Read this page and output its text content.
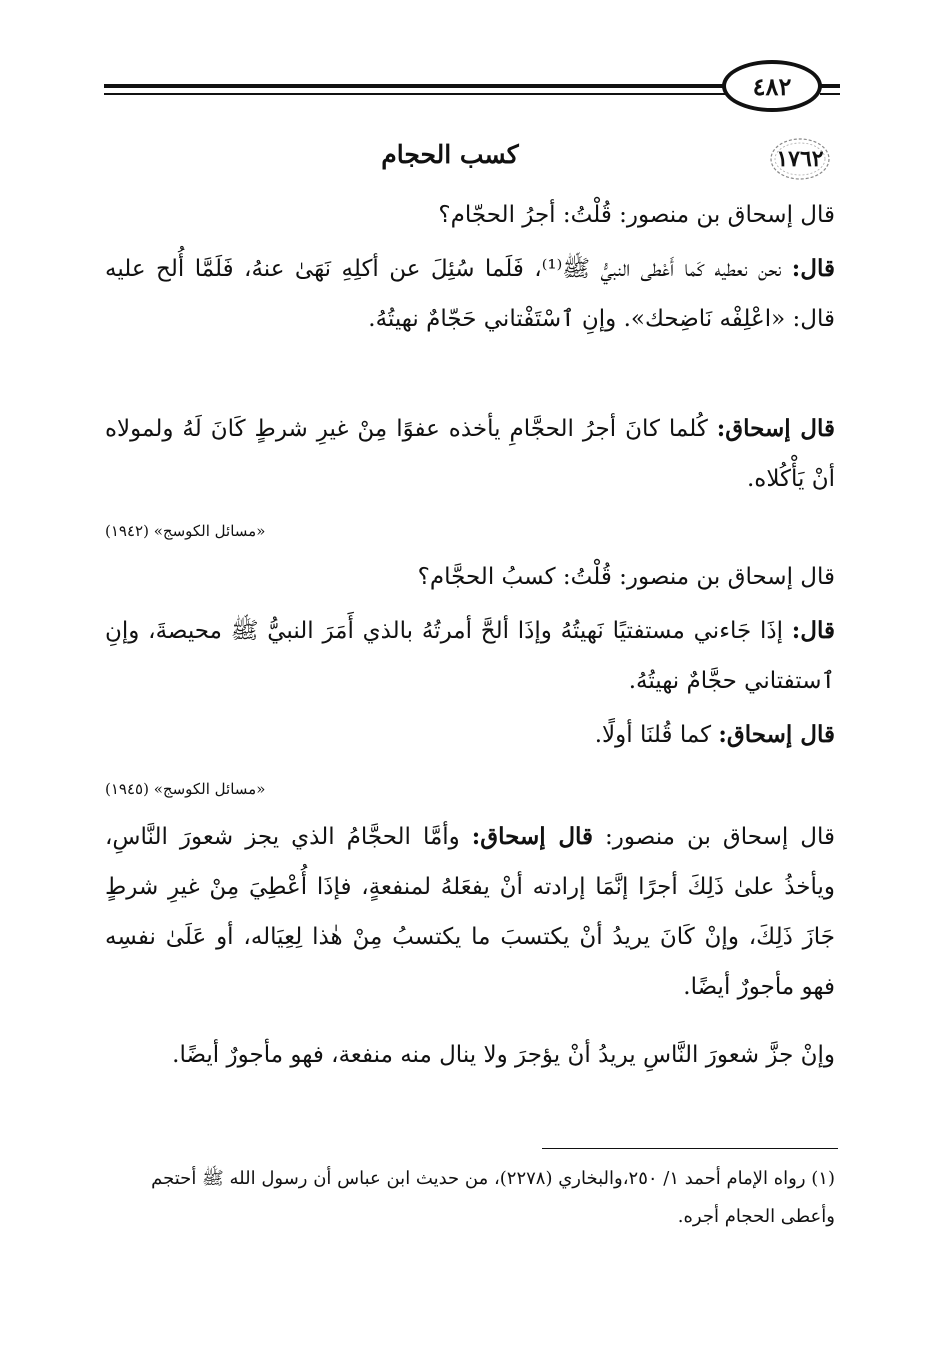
٤٨٢
١٧٦٢
كسب الحجام
قال إسحاق بن منصور: قُلْتُ: أجرُ الحجّام؟
قال: نحن نعطيه كَما أَعْطى النبيُّ ﷺ⁽¹⁾، فَلَما سُئِلَ عن أكلِهِ نَهَىٰ عنهُ، فَلَمَّا أُلح عليه قال: «اعْلِفْه نَاضِحك». وإنِ ٱسْتَفْتاني حَجّامٌ نهيتُهُ.
قال إسحاق: كُلما كانَ أجرُ الحجَّامِ يأخذه عفوًا مِنْ غيرِ شرطٍ كَانَ لَهُ ولمولاه أنْ يَأْكُلاه.
«مسائل الكوسج» (١٩٤٢)
قال إسحاق بن منصور: قُلْتُ: كسبُ الحجَّام؟
قال: إذَا جَاءني مستفتيًا نَهيتُهُ وإذَا ألحَّ أمرتُهُ بالذي أَمَرَ النبيُّ ﷺ محيصةَ، وإنِ ٱستفتاني حجَّامٌ نهيتُهُ.
قال إسحاق: كما قُلنَا أولًا.
«مسائل الكوسج» (١٩٤٥)
قال إسحاق بن منصور: قال إسحاق: وأمَّا الحجَّامُ الذي يجز شعورَ النَّاسِ، ويأخذُ علىٰ ذَلِكَ أجرًا إنَّمَا إرادته أنْ يفعَلهُ لمنفعةٍ، فإذَا أُعْطِيَ مِنْ غيرِ شرطٍ جَازَ ذَلِكَ، وإنْ كَانَ يريدُ أنْ يكتسبَ ما يكتسبُ مِنْ هٰذا لِعِيَاله، أو عَلَىٰ نفسِه فهو مأجورٌ أيضًا.
وإنْ جزَّ شعورَ النَّاسِ يريدُ أنْ يؤجرَ ولا ينال منه منفعة، فهو مأجورٌ أيضًا.
(١) رواه الإمام أحمد ١/ ٢٥٠،والبخاري (٢٢٧٨)، من حديث ابن عباس أن رسول الله ﷺ أحتجم وأعطى الحجام أجره.
